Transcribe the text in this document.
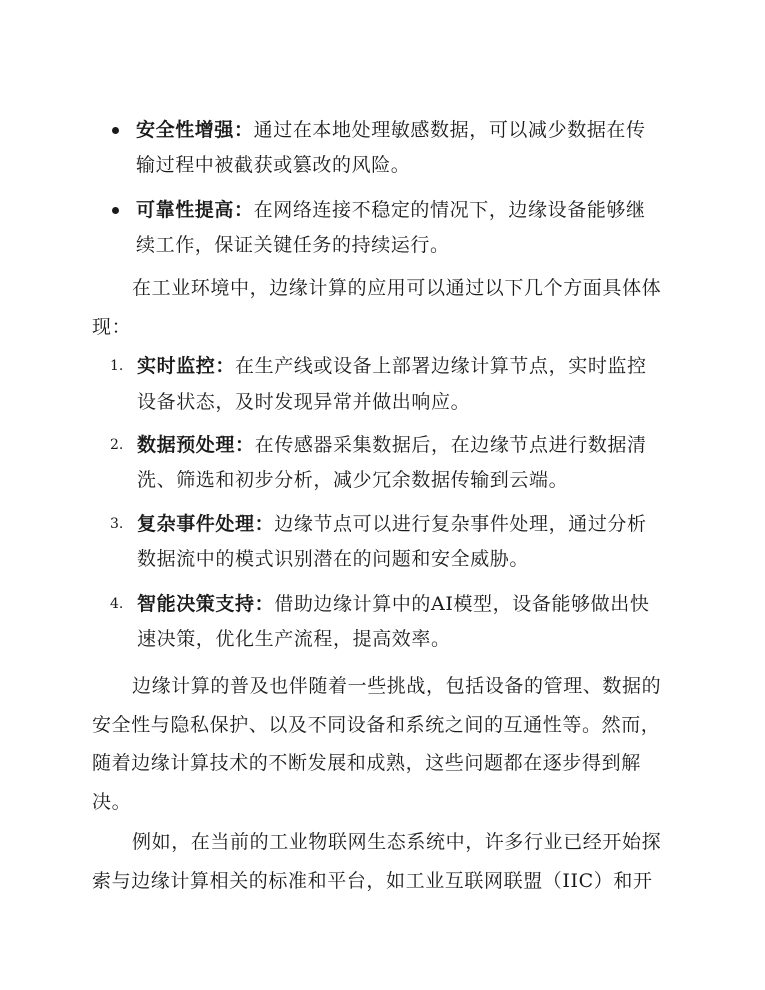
安全性增强：通过在本地处理敏感数据，可以减少数据在传
输过程中被截获或篡改的风险。
可靠性提高：在网络连接不稳定的情况下，边缘设备能够继
续工作，保证关键任务的持续运行。
在工业环境中，边缘计算的应用可以通过以下几个方面具体体
现：
1. 实时监控：在生产线或设备上部署边缘计算节点，实时监控
设备状态，及时发现异常并做出响应。
2. 数据预处理：在传感器采集数据后，在边缘节点进行数据清
洗、筛选和初步分析，减少冗余数据传输到云端。
3. 复杂事件处理：边缘节点可以进行复杂事件处理，通过分析
数据流中的模式识别潜在的问题和安全威胁。
4. 智能决策支持：借助边缘计算中的AI模型，设备能够做出快
速决策，优化生产流程，提高效率。
边缘计算的普及也伴随着一些挑战，包括设备的管理、数据的
安全性与隐私保护、以及不同设备和系统之间的互通性等。然而，
随着边缘计算技术的不断发展和成熟，这些问题都在逐步得到解
决。
例如，在当前的工业物联网生态系统中，许多行业已经开始探
索与边缘计算相关的标准和平台，如工业互联网联盟（IIC）和开
